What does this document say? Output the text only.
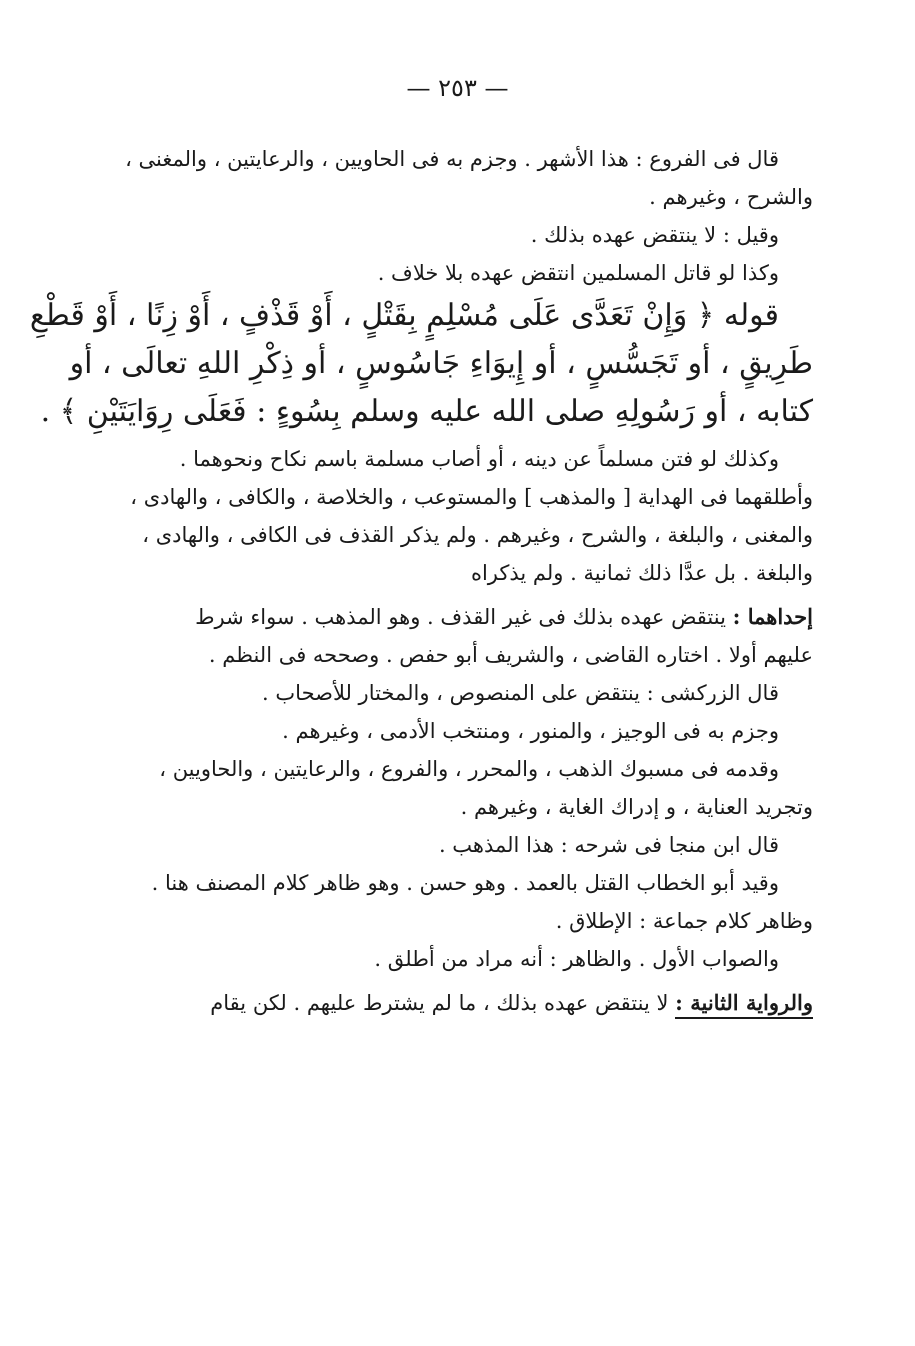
— ٢٥٣ —

قال فى الفروع : هذا الأشهر . وجزم به فى الحاويين ، والرعايتين ، والمغنى ،

والشرح ، وغيرهم .

وقيل : لا ينتقض عهده بذلك .

وكذا لو قاتل المسلمين انتقض عهده بلا خلاف .

قوله ﴿ وَإِنْ تَعَدَّى عَلَى مُسْلِمٍ بِقَتْلٍ ، أَوْ قَذْفٍ ، أَوْ زِنًا ، أَوْ قَطْعِ

طَرِيقٍ ، أو تَجَسُّسٍ ، أو إِيوَاءِ جَاسُوسٍ ، أو ذِكْرِ اللهِ تعالَى ، أو

كتابه ، أو رَسُولِهِ صلى الله عليه وسلم بِسُوءٍ : فَعَلَى رِوَايَتَيْنِ ﴾ .

وكذلك لو فتن مسلماً عن دينه ، أو أصاب مسلمة باسم نكاح ونحوهما .

وأطلقهما فى الهداية [ والمذهب ] والمستوعب ، والخلاصة ، والكافى ، والهادى ،

والمغنى ، والبلغة ، والشرح ، وغيرهم . ولم يذكر القذف فى الكافى ، والهادى ،

والبلغة . بل عدَّا ذلك ثمانية . ولم يذكراه

إحداهما : ينتقض عهده بذلك فى غير القذف . وهو المذهب . سواء شرط

عليهم أولا . اختاره القاضى ، والشريف أبو حفص . وصححه فى النظم .

قال الزركشى : ينتقض على المنصوص ، والمختار للأصحاب .

وجزم به فى الوجيز ، والمنور ، ومنتخب الأدمى ، وغيرهم .

وقدمه فى مسبوك الذهب ، والمحرر ، والفروع ، والرعايتين ، والحاويين ،

وتجريد العناية ، و إدراك الغاية ، وغيرهم .

قال ابن منجا فى شرحه : هذا المذهب .

وقيد أبو الخطاب القتل بالعمد . وهو حسن . وهو ظاهر كلام المصنف هنا .

وظاهر كلام جماعة : الإطلاق .

والصواب الأول . والظاهر : أنه مراد من أطلق .

والرواية الثانية : لا ينتقض عهده بذلك ، ما لم يشترط عليهم . لكن يقام
